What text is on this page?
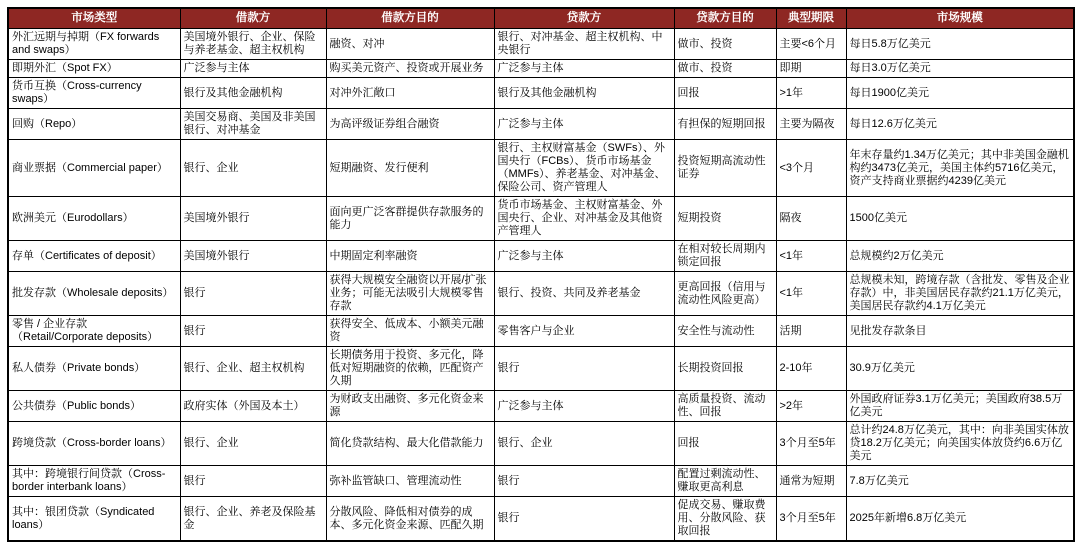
市场类型	借款方	借款方目的	贷款方	贷款方目的	典型期限	市场规模
外汇远期与掉期（FX forwards and swaps）	美国境外银行、企业、保险与养老基金、超主权机构	融资、对冲	银行、对冲基金、超主权机构、中央银行	做市、投资	主要<6个月	每日5.8万亿美元
即期外汇（Spot FX）	广泛参与主体	购买美元资产、投资或开展业务	广泛参与主体	做市、投资	即期	每日3.0万亿美元
货币互换（Cross-currency swaps）	银行及其他金融机构	对冲外汇敞口	银行及其他金融机构	回报	>1年	每日1900亿美元
回购（Repo）	美国交易商、美国及非美国银行、对冲基金	为高评级证券组合融资	广泛参与主体	有担保的短期回报	主要为隔夜	每日12.6万亿美元
商业票据（Commercial paper）	银行、企业	短期融资、发行便利	银行、主权财富基金（SWFs）、外国央行（FCBs）、货币市场基金（MMFs）、养老基金、对冲基金、保险公司、资产管理人	投资短期高流动性证券	<3个月	年末存量约1.34万亿美元；其中非美国金融机构约3473亿美元，美国主体约5716亿美元，资产支持商业票据约4239亿美元
欧洲美元（Eurodollars）	美国境外银行	面向更广泛客群提供存款服务的能力	货币市场基金、主权财富基金、外国央行、企业、对冲基金及其他资产管理人	短期投资	隔夜	1500亿美元
存单（Certificates of deposit）	美国境外银行	中期固定利率融资	广泛参与主体	在相对较长周期内锁定回报	<1年	总规模约2万亿美元
批发存款（Wholesale deposits）	银行	获得大规模安全融资以开展/扩张业务；可能无法吸引大规模零售存款	银行、投资、共同及养老基金	更高回报（信用与流动性风险更高）	<1年	总规模未知，跨境存款（含批发、零售及企业存款）中，非美国居民存款约21.1万亿美元，美国居民存款约4.1万亿美元
零售 / 企业存款（Retail/Corporate deposits）	银行	获得安全、低成本、小额美元融资	零售客户与企业	安全性与流动性	活期	见批发存款条目
私人债券（Private bonds）	银行、企业、超主权机构	长期债务用于投资、多元化，降低对短期融资的依赖，匹配资产久期	银行	长期投资回报	2-10年	30.9万亿美元
公共债券（Public bonds）	政府实体（外国及本土）	为财政支出融资、多元化资金来源	广泛参与主体	高质量投资、流动性、回报	>2年	外国政府证券3.1万亿美元；美国政府38.5万亿美元
跨境贷款（Cross-border loans）	银行、企业	简化贷款结构、最大化借款能力	银行、企业	回报	3个月至5年	总计约24.8万亿美元，其中：向非美国实体放贷18.2万亿美元；向美国实体放贷约6.6万亿美元
其中：跨境银行间贷款（Cross-border interbank loans）	银行	弥补监管缺口、管理流动性	银行	配置过剩流动性、赚取更高利息	通常为短期	7.8万亿美元
其中：银团贷款（Syndicated loans）	银行、企业、养老及保险基金	分散风险、降低相对债券的成本、多元化资金来源、匹配久期	银行	促成交易、赚取费用、分散风险、获取回报	3个月至5年	2025年新增6.8万亿美元
